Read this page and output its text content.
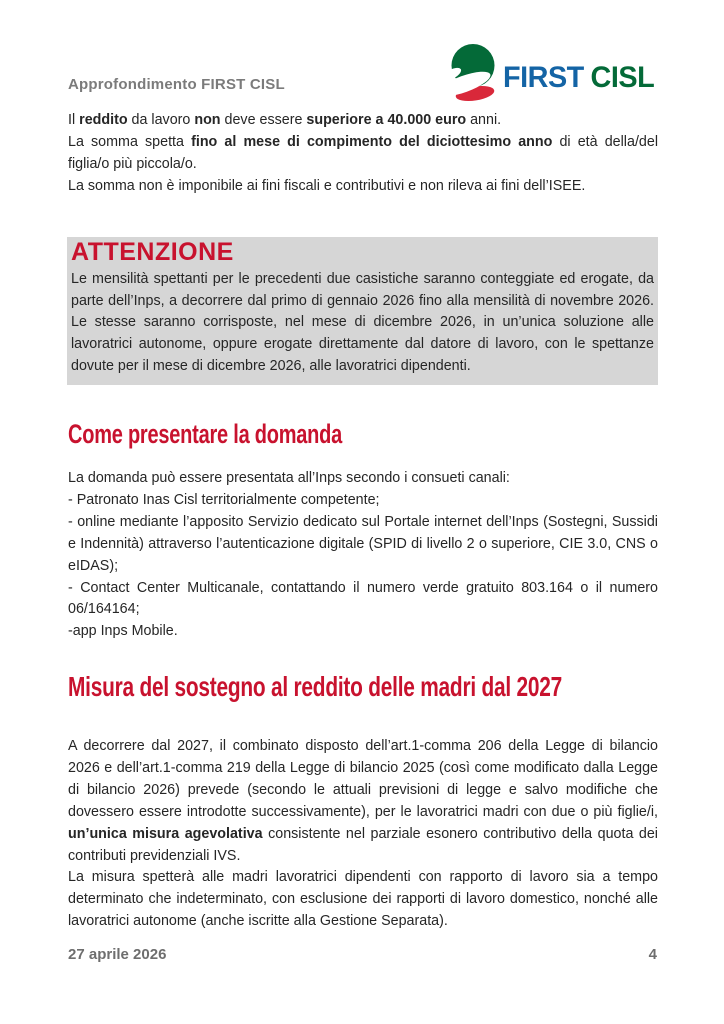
Approfondimento FIRST CISL	FIRST CISL

Il reddito da lavoro non deve essere superiore a 40.000 euro anni.

La somma spetta fino al mese di compimento del diciottesimo anno di età della/del figlia/o più piccola/o.

La somma non è imponibile ai fini fiscali e contributivi e non rileva ai fini dell’ISEE.

ATTENZIONE

Le mensilità spettanti per le precedenti due casistiche saranno conteggiate ed erogate, da parte dell’Inps, a decorrere dal primo di gennaio 2026 fino alla mensilità di novembre 2026. Le stesse saranno corrisposte, nel mese di dicembre 2026, in un’unica soluzione alle lavoratrici autonome, oppure erogate direttamente dal datore di lavoro, con le spettanze dovute per il mese di dicembre 2026, alle lavoratrici dipendenti.

Come presentare la domanda
La domanda può essere presentata all’Inps secondo i consueti canali:
- Patronato Inas Cisl territorialmente competente;
- online mediante l’apposito Servizio dedicato sul Portale internet dell’Inps (Sostegni, Sussidi e Indennità) attraverso l’autenticazione digitale (SPID di livello 2 o superiore, CIE 3.0, CNS o eIDAS);
- Contact Center Multicanale, contattando il numero verde gratuito 803.164 o il numero 06/164164;
-app Inps Mobile.
Misura del sostegno al reddito delle madri dal 2027

A decorrere dal 2027, il combinato disposto dell’art.1-comma 206 della Legge di bilancio 2026 e dell’art.1-comma 219 della Legge di bilancio 2025 (così come modificato dalla Legge di bilancio 2026) prevede (secondo le attuali previsioni di legge e salvo modifiche che dovessero essere introdotte successivamente), per le lavoratrici madri con due o più figlie/i, un’unica misura agevolativa consistente nel parziale esonero contributivo della quota dei contributi previdenziali IVS.

La misura spetterà alle madri lavoratrici dipendenti con rapporto di lavoro sia a tempo determinato che indeterminato, con esclusione dei rapporti di lavoro domestico, nonché alle lavoratrici autonome (anche iscritte alla Gestione Separata).

27 aprile 2026	4
